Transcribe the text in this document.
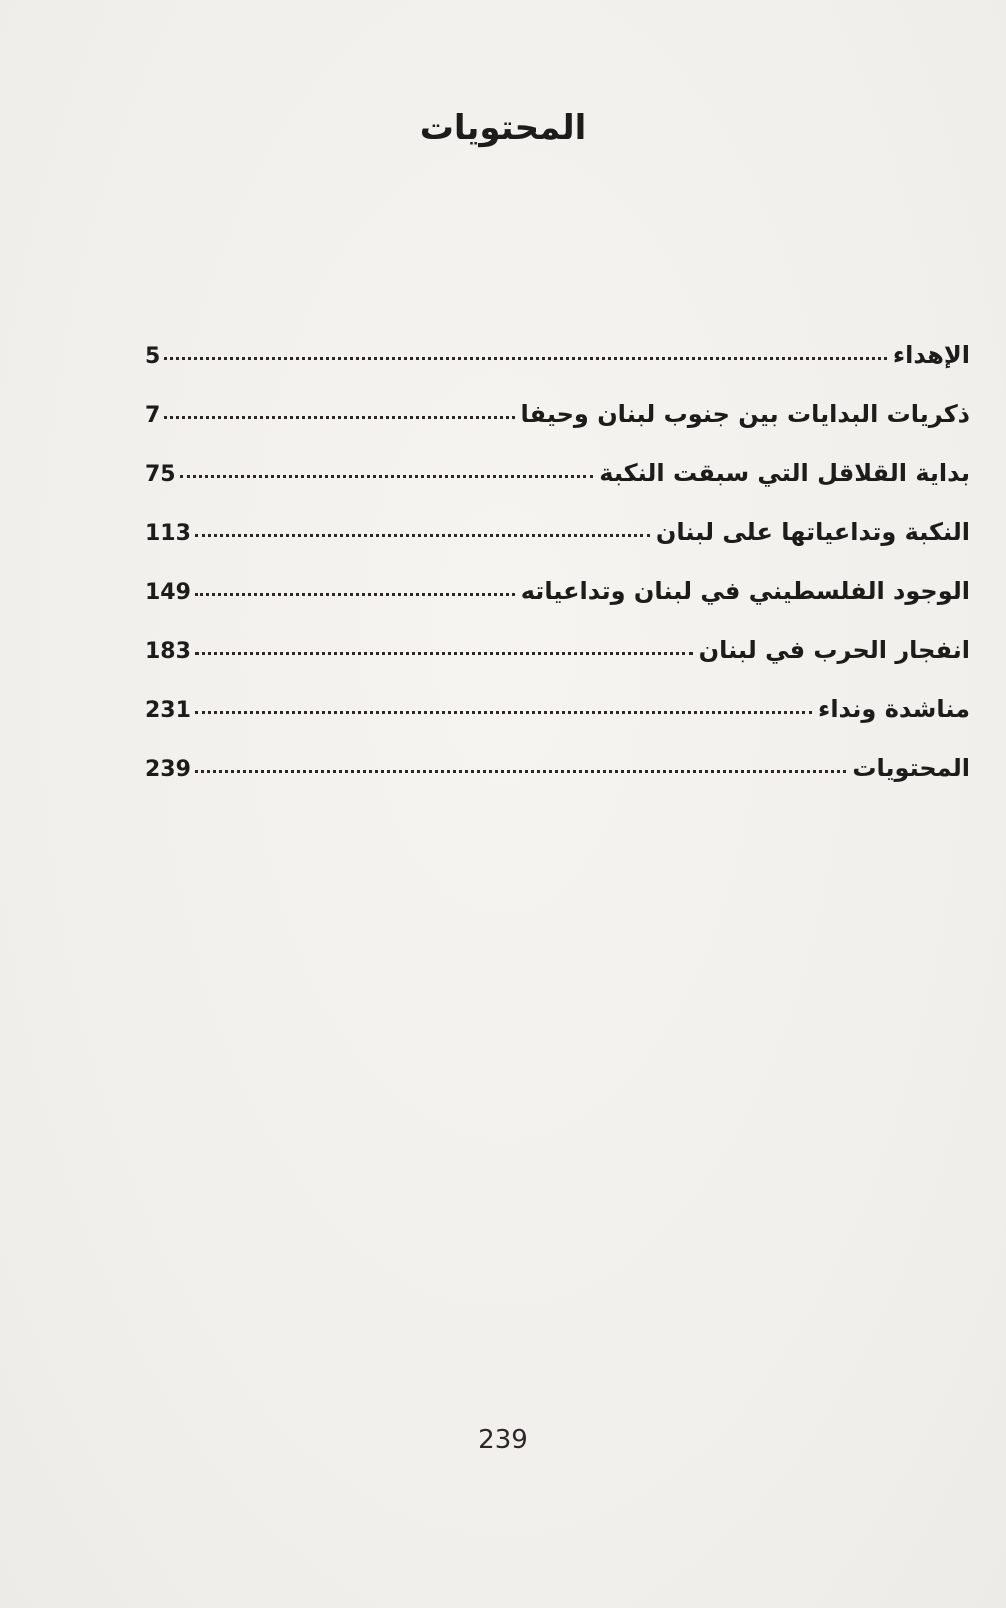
المحتويات
الإهداء
5
ذكريات البدايات بين جنوب لبنان وحيفا
7
بداية القلاقل التي سبقت النكبة
75
النكبة وتداعياتها على لبنان
113
الوجود الفلسطيني في لبنان وتداعياته
149
انفجار الحرب في لبنان
183
مناشدة ونداء
231
المحتويات
239
239
